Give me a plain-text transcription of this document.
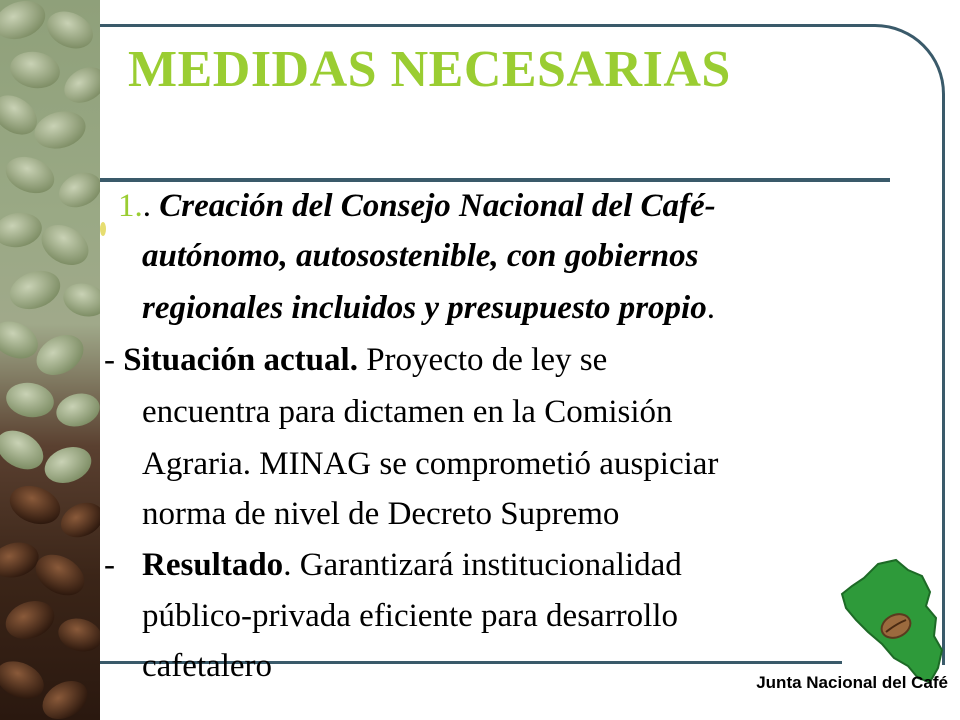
MEDIDAS NECESARIAS
1.. Creación del Consejo Nacional del Café-
autónomo, autosostenible, con gobiernos
regionales incluidos y presupuesto propio.
- Situación actual. Proyecto de ley se
encuentra para dictamen en la Comisión
Agraria. MINAG se comprometió auspiciar
norma de nivel de Decreto Supremo
- Resultado. Garantizará institucionalidad
público-privada eficiente para desarrollo
cafetalero	Junta Nacional del Café
